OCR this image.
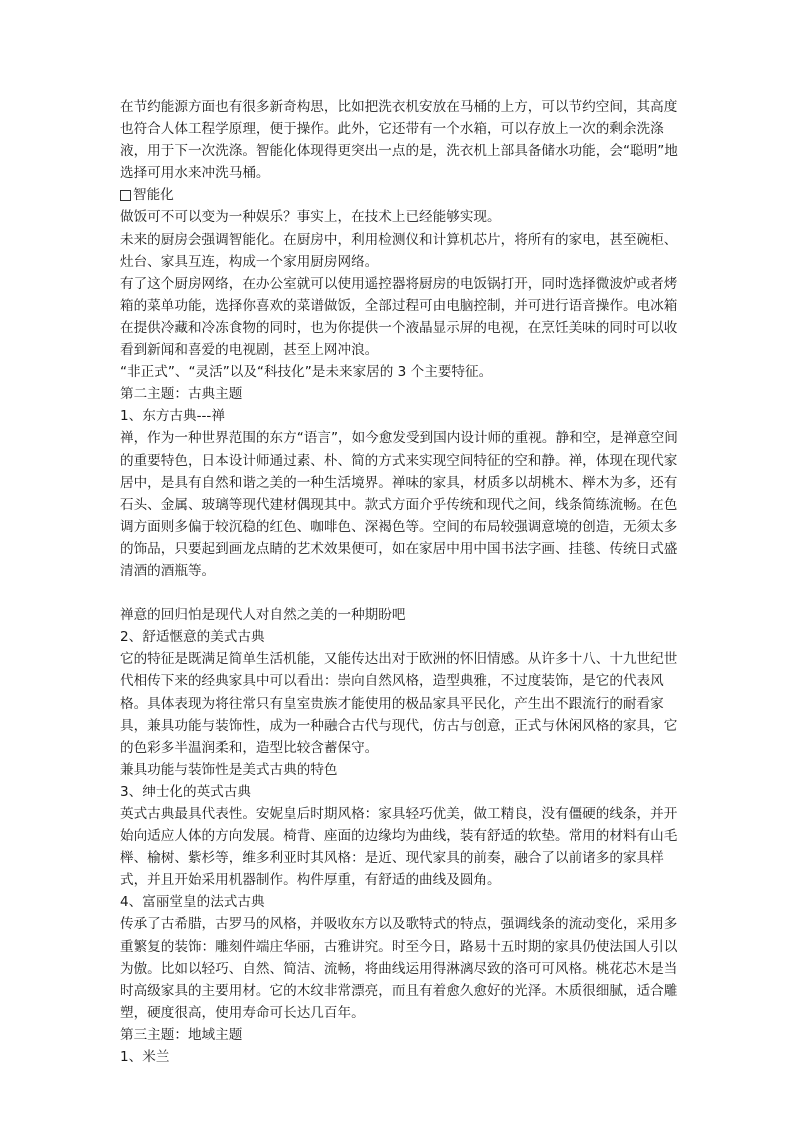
在节约能源方面也有很多新奇构思，比如把洗衣机安放在马桶的上方，可以节约空间，其高度也符合人体工程学原理，便于操作。此外，它还带有一个水箱，可以存放上一次的剩余洗涤液，用于下一次洗涤。智能化体现得更突出一点的是，洗衣机上部具备储水功能，会“聪明”地选择可用水来冲洗马桶。

智能化

做饭可不可以变为一种娱乐？事实上，在技术上已经能够实现。

未来的厨房会强调智能化。在厨房中，利用检测仪和计算机芯片，将所有的家电，甚至碗柜、灶台、家具互连，构成一个家用厨房网络。

有了这个厨房网络，在办公室就可以使用遥控器将厨房的电饭锅打开，同时选择微波炉或者烤箱的菜单功能，选择你喜欢的菜谱做饭，全部过程可由电脑控制，并可进行语音操作。电冰箱在提供冷藏和冷冻食物的同时，也为你提供一个液晶显示屏的电视，在烹饪美味的同时可以收看到新闻和喜爱的电视剧，甚至上网冲浪。

“非正式”、“灵活”以及“科技化”是未来家居的 3 个主要特征。

第二主题：古典主题

1、东方古典---禅

禅，作为一种世界范围的东方“语言”，如今愈发受到国内设计师的重视。静和空，是禅意空间的重要特色，日本设计师通过素、朴、简的方式来实现空间特征的空和静。禅，体现在现代家居中，是具有自然和谐之美的一种生活境界。禅味的家具，材质多以胡桃木、榉木为多，还有石头、金属、玻璃等现代建材偶现其中。款式方面介乎传统和现代之间，线条简练流畅。在色调方面则多偏于较沉稳的红色、咖啡色、深褐色等。空间的布局较强调意境的创造，无须太多的饰品，只要起到画龙点睛的艺术效果便可，如在家居中用中国书法字画、挂毯、传统日式盛清酒的酒瓶等。

禅意的回归怕是现代人对自然之美的一种期盼吧

2、舒适惬意的美式古典

它的特征是既满足简单生活机能，又能传达出对于欧洲的怀旧情感。从许多十八、十九世纪世代相传下来的经典家具中可以看出：崇向自然风格，造型典雅，不过度装饰，是它的代表风格。具体表现为将往常只有皇室贵族才能使用的极品家具平民化，产生出不跟流行的耐看家具，兼具功能与装饰性，成为一种融合古代与现代，仿古与创意，正式与休闲风格的家具，它的色彩多半温润柔和，造型比较含蓄保守。

兼具功能与装饰性是美式古典的特色

3、绅士化的英式古典

英式古典最具代表性。安妮皇后时期风格：家具轻巧优美，做工精良，没有僵硬的线条，并开始向适应人体的方向发展。椅背、座面的边缘均为曲线，装有舒适的软垫。常用的材料有山毛榉、榆树、紫杉等，维多利亚时其风格：是近、现代家具的前奏，融合了以前诸多的家具样式，并且开始采用机器制作。构件厚重，有舒适的曲线及圆角。

4、富丽堂皇的法式古典

传承了古希腊，古罗马的风格，并吸收东方以及歌特式的特点，强调线条的流动变化，采用多重繁复的装饰：雕刻件端庄华丽，古雅讲究。时至今日，路易十五时期的家具仍使法国人引以为傲。比如以轻巧、自然、简洁、流畅，将曲线运用得淋漓尽致的洛可可风格。桃花芯木是当时高级家具的主要用材。它的木纹非常漂亮，而且有着愈久愈好的光泽。木质很细腻，适合雕塑，硬度很高，使用寿命可长达几百年。

第三主题：地域主题

1、米兰
